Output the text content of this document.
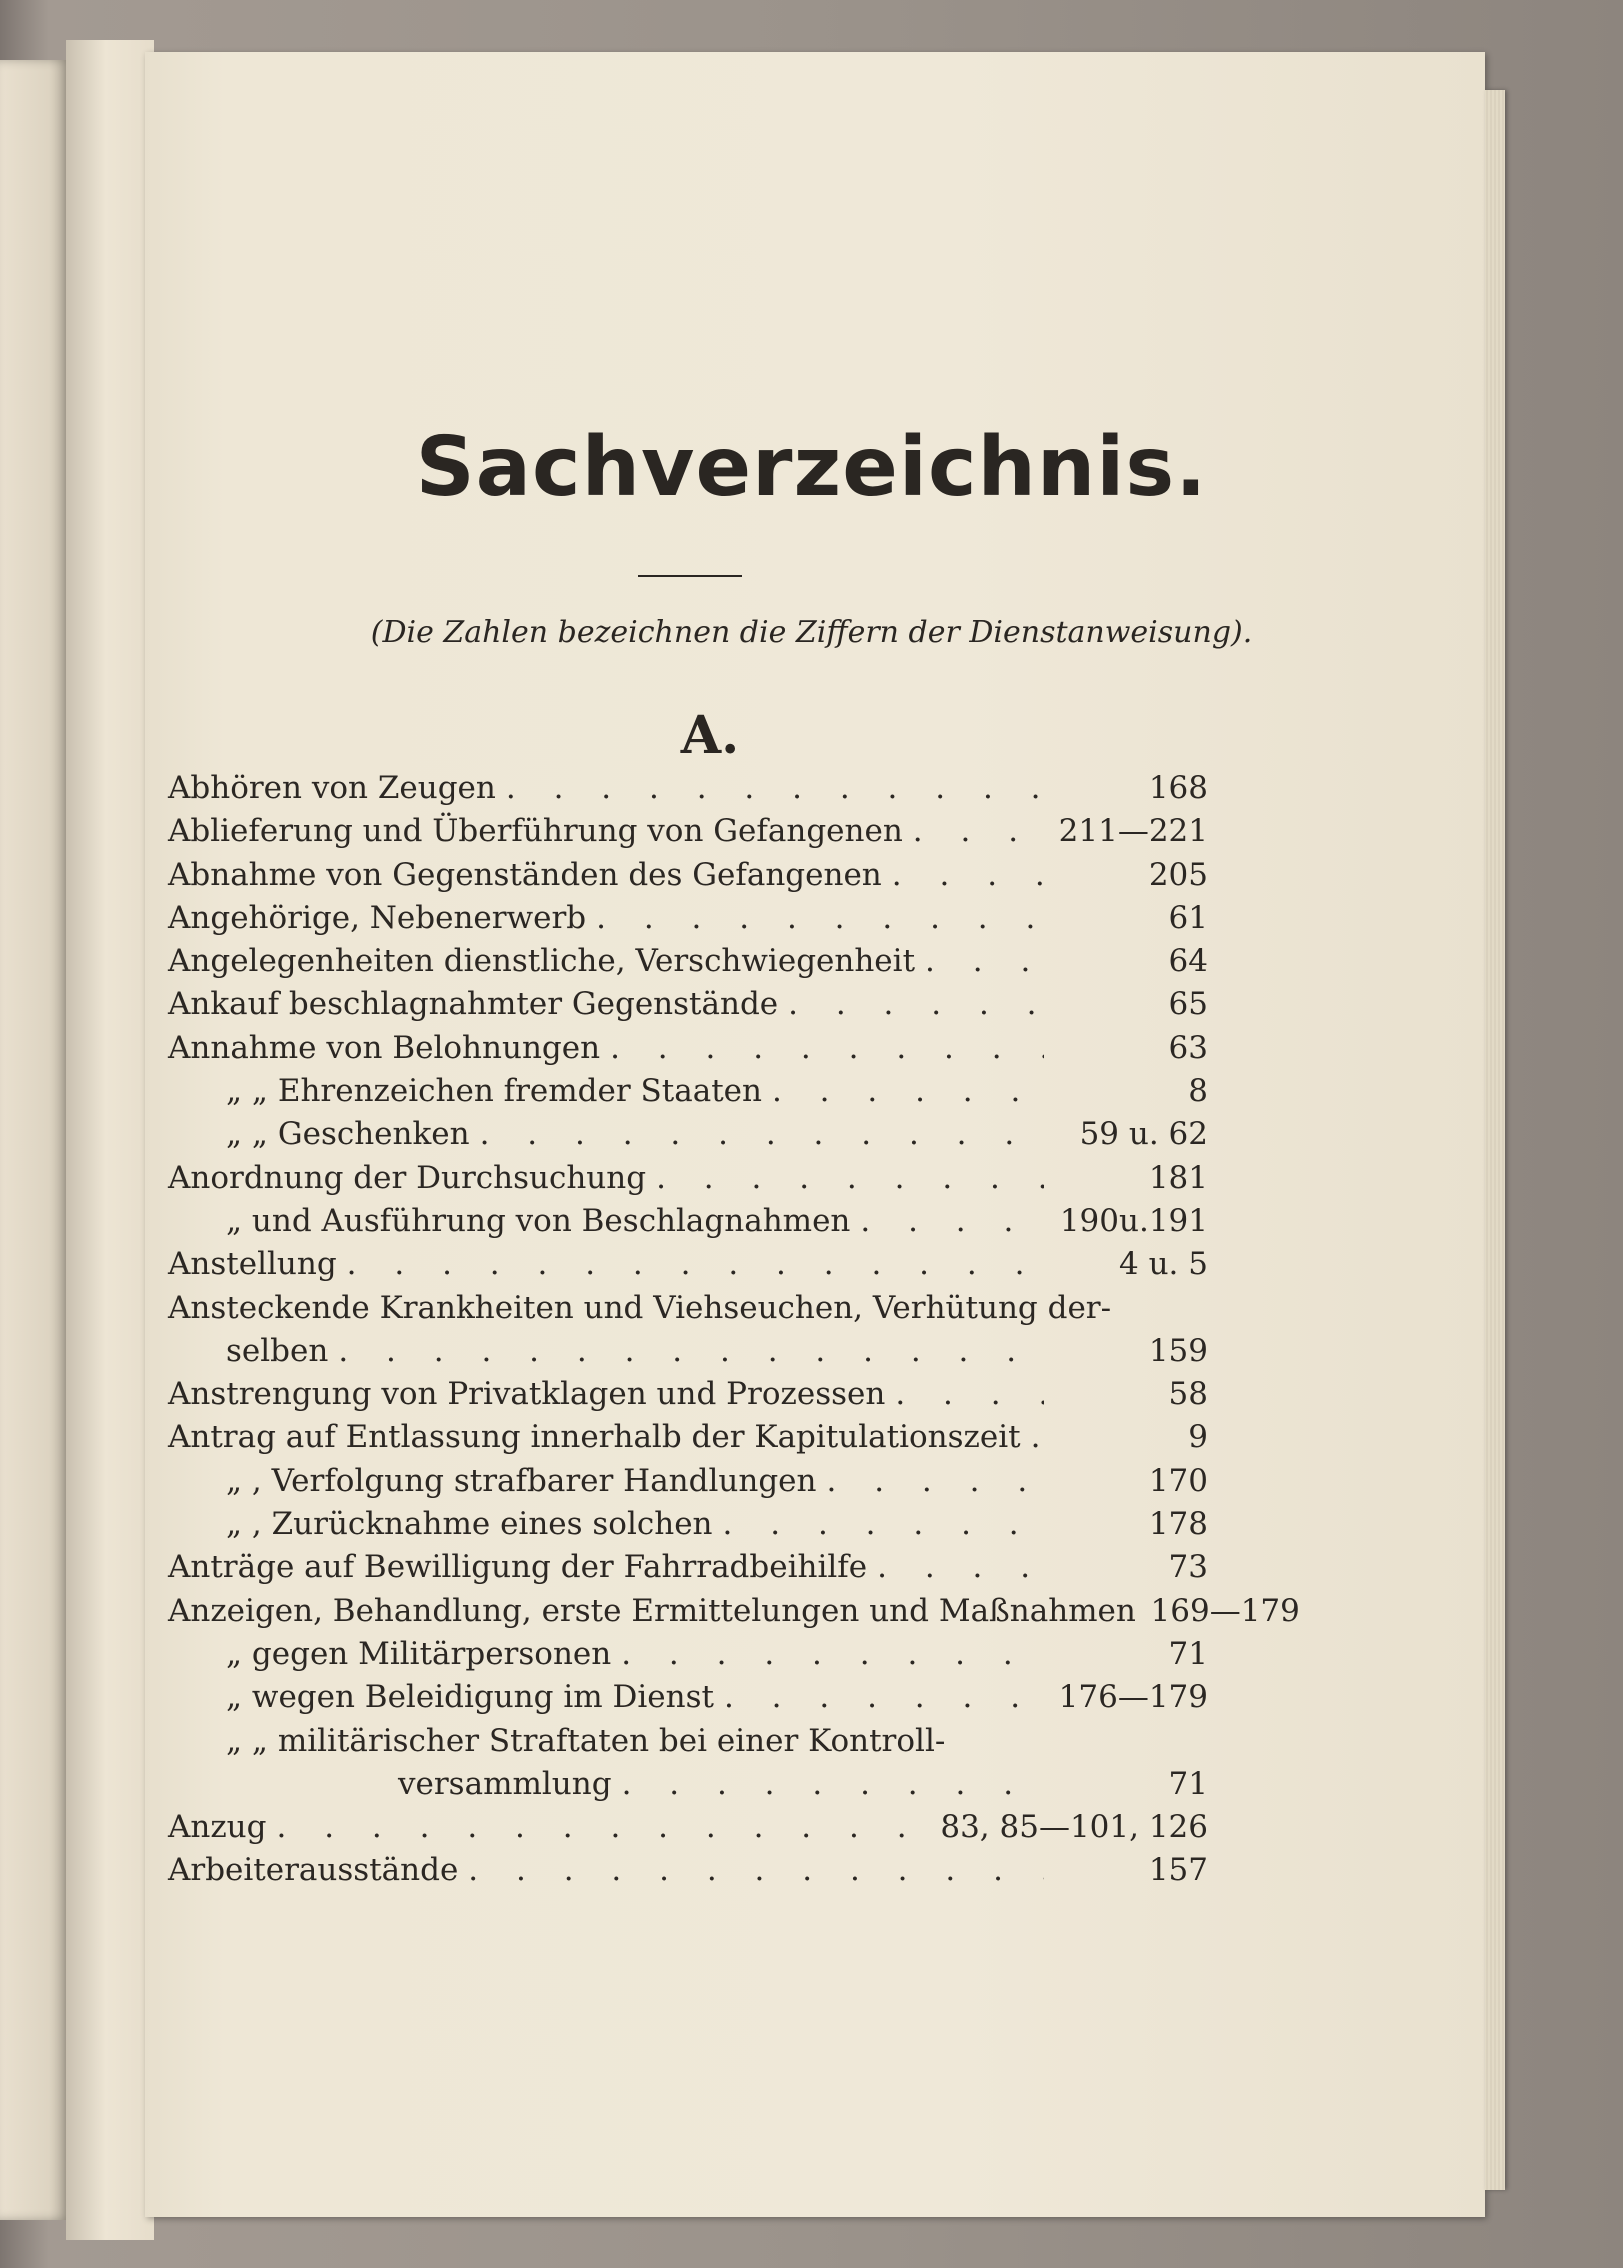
Sachverzeichnis.
(Die Zahlen bezeichnen die Ziffern der Dienstanweisung).
A.
Abhören von Zeugen . . .	168
Ablieferung und Überführung von Gefangenen . . .	211—221
Abnahme von Gegenständen des Gefangenen . . .	205
Angehörige, Nebenerwerb . . .	61
Angelegenheiten dienstliche, Verschwiegenheit . . .	64
Ankauf beschlagnahmter Gegenstände . . .	65
Annahme von Belohnungen . . .	63
„ „ Ehrenzeichen fremder Staaten . . .	8
„ „ Geschenken . . .	59 u. 62
Anordnung der Durchsuchung . . .	181
„ und Ausführung von Beschlagnahmen . . .	190u.191
Anstellung . . .	4 u. 5
Ansteckende Krankheiten und Viehseuchen, Verhütung der-
selben . . .	159
Anstrengung von Privatklagen und Prozessen . . .	58
Antrag auf Entlassung innerhalb der Kapitulationszeit . . .	9
„ , Verfolgung strafbarer Handlungen . . .	170
„ , Zurücknahme eines solchen . . .	178
Anträge auf Bewilligung der Fahrradbeihilfe . . .	73
Anzeigen, Behandlung, erste Ermittelungen und Maßnahmen 169—179
„ gegen Militärpersonen . . .	71
„ wegen Beleidigung im Dienst . . .	176—179
„ „ militärischer Straftaten bei einer Kontroll-
versammlung . . .	71
Anzug . . .	83, 85—101, 126
Arbeiterausstände . . .	157
